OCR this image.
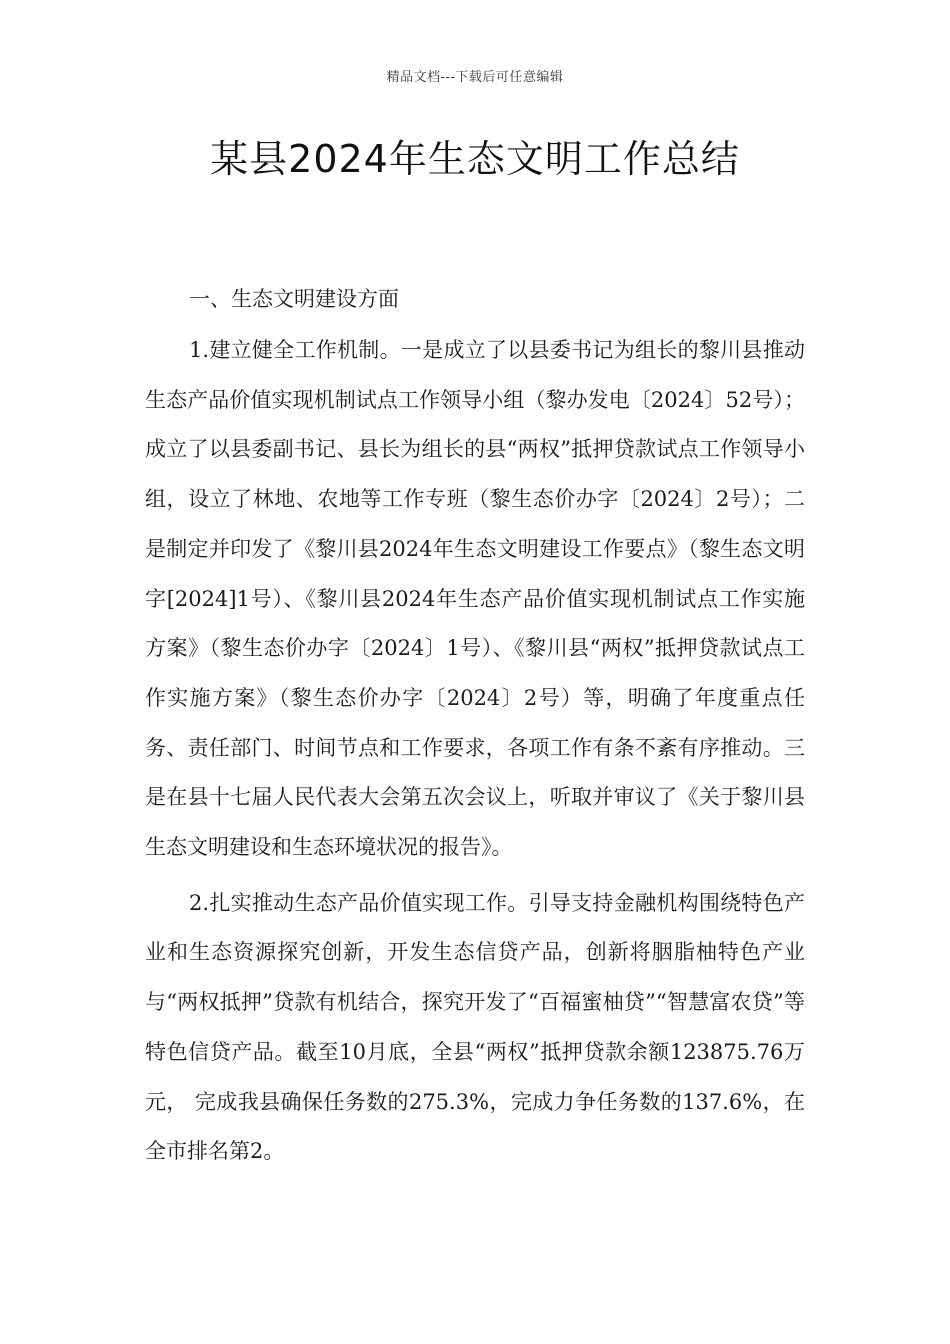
精品文档---下载后可任意编辑
某县2024年生态文明工作总结
一、生态文明建设方面

1.建立健全工作机制。一是成立了以县委书记为组长的黎川县推动生态产品价值实现机制试点工作领导小组（黎办发电〔2024〕52号）；成立了以县委副书记、县长为组长的县“两权”抵押贷款试点工作领导小组，设立了林地、农地等工作专班（黎生态价办字〔2024〕2号）；二是制定并印发了《黎川县2024年生态文明建设工作要点》（黎生态文明字[2024]1号）、《黎川县2024年生态产品价值实现机制试点工作实施方案》（黎生态价办字〔2024〕1号）、《黎川县“两权”抵押贷款试点工作实施方案》（黎生态价办字〔2024〕2号）等，明确了年度重点任务、责任部门、时间节点和工作要求，各项工作有条不紊有序推动。三是在县十七届人民代表大会第五次会议上，听取并审议了《关于黎川县生态文明建设和生态环境状况的报告》。

2.扎实推动生态产品价值实现工作。引导支持金融机构围绕特色产业和生态资源探究创新，开发生态信贷产品，创新将胭脂柚特色产业与“两权抵押”贷款有机结合，探究开发了“百福蜜柚贷”“智慧富农贷”等特色信贷产品。截至10月底，全县“两权”抵押贷款余额123875.76万元， 完成我县确保任务数的275.3%，完成力争任务数的137.6%，在全市排名第2。
